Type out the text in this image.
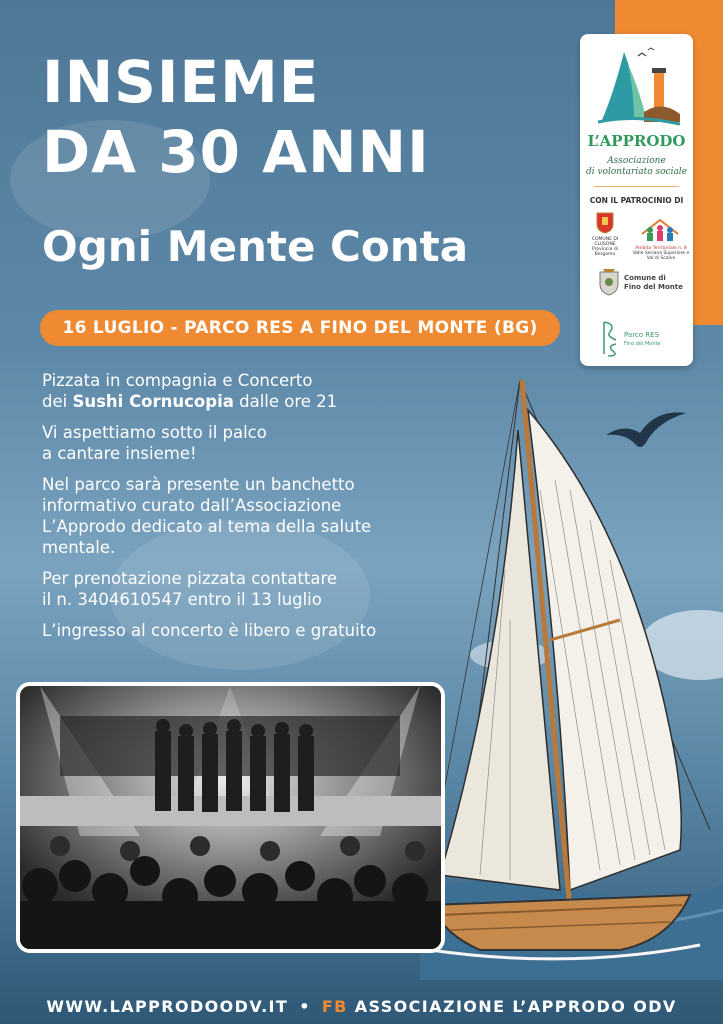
INSIEME
DA 30 ANNI
Ogni Mente Conta
16 LUGLIO - PARCO RES A FINO DEL MONTE (BG)

Pizzata in compagnia e Concerto
dei Sushi Cornucopia dalle ore 21

Vi aspettiamo sotto il palco
a cantare insieme!

Nel parco sarà presente un banchetto
informativo curato dall’Associazione
L’Approdo dedicato al tema della salute
mentale.

Per prenotazione pizzata contattare
il n. 3404610547 entro il 13 luglio

L’ingresso al concerto è libero e gratuito

L’APPRODO
Associazione
di volontariato sociale
CON IL PATROCINIO DI
COMUNE DI CLUSONE
Provincia di Bergamo
Ambito Territoriale n. 8
Valle Seriana Superiore e Val di Scalve
Comune di
Fino del Monte
Parco RES
Fino del Monte
WWW.LAPPRODOODV.IT • FB ASSOCIAZIONE L’APPRODO ODV
